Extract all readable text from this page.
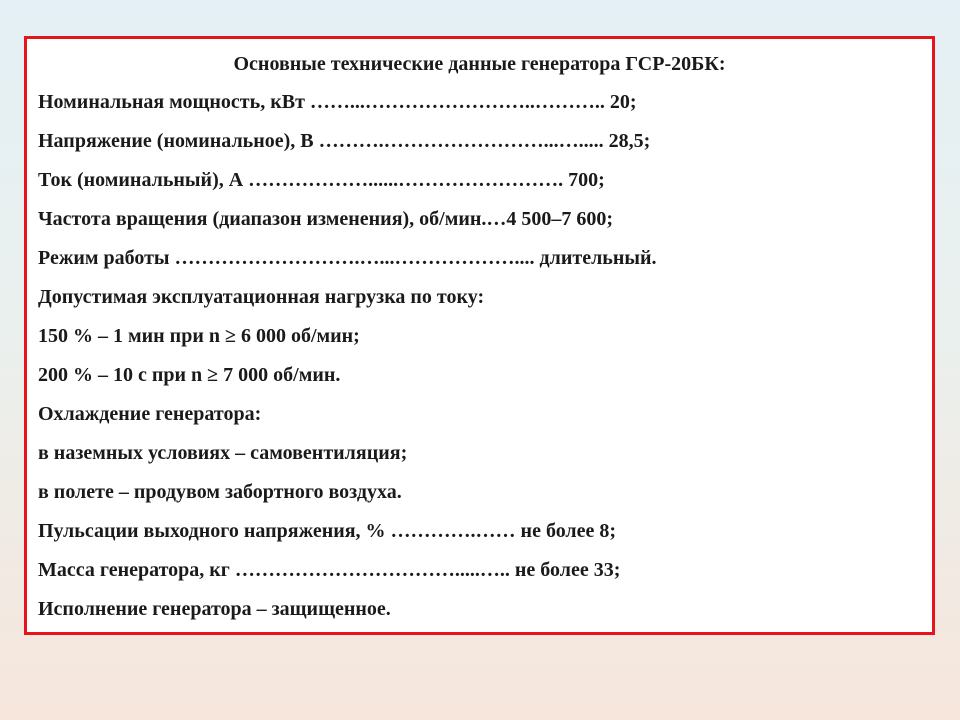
Основные технические данные генератора ГСР-20БК:
Номинальная мощность, кВт ……...……………………..……….. 20;
Напряжение (номинальное), В ……….……………………...…..... 28,5;
Ток (номинальный), А ………………......……………………. 700;
Частота вращения (диапазон изменения), об/мин.…4 500–7 600;
Режим работы ……………………….…...……………….... длительный.
Допустимая эксплуатационная нагрузка по току:
150 % – 1 мин при n ≥ 6 000 об/мин;
200 % – 10 с при n ≥ 7 000 об/мин.
Охлаждение генератора:
в наземных условиях – самовентиляция;
в полете – продувом забортного воздуха.
Пульсации выходного напряжения, % ………….…… не более 8;
Масса генератора, кг …………………………….....….. не более 33;
Исполнение генератора – защищенное.
